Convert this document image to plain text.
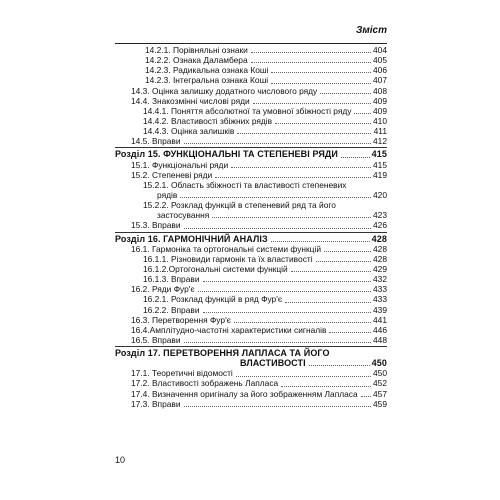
Зміст
14.2.1. Порівняльні ознаки	404
14.2.2. Ознака Даламбера	405
14.2.3. Радикальна ознака Коші	406
14.2.3. Інтегральна ознака Коші	407
14.3. Оцінка залишку додатного числового ряду	408
14.4. Знакозмінні числові ряди	409
14.4.1. Поняття абсолютної та умовної збіжності ряду	409
14.4.2. Властивості збіжних рядів	410
14.4.3. Оцінка залишків	411
14.5. Вправи	412
Розділ 15. ФУНКЦІОНАЛЬНІ ТА СТЕПЕНЕВІ РЯДИ	415
15.1. Функціональні ряди	415
15.2. Степеневі ряди	419
15.2.1. Область збіжності та властивості степеневих
рядів	420
15.2.2. Розклад функцій в степеневий ряд та його
застосування	423
15.3. Вправи	426
Розділ 16. ГАРМОНІЧНИЙ АНАЛІЗ	428
16.1. Гармоніка та ортогональні системи функцій	428
16.1.1. Різновиди гармонік та їх властивості	428
16.1.2.Ортогональні системи функцій	429
16.1.3. Вправи	432
16.2. Ряди Фур'є	433
16.2.1. Розклад функцій в ряд Фур'є	433
16.2.2. Вправи	439
16.3. Перетворення Фур'є	441
16.4.Амплітудно-частотні характеристики сигналів	446
16.5. Вправи	448
Розділ 17. ПЕРЕТВОРЕННЯ ЛАПЛАСА ТА ЙОГО
ВЛАСТИВОСТІ	450
17.1. Теоретичні відомості	450
17.2. Властивості зображень Лапласа	452
17.4. Визначення оригіналу за його зображенням Лапласа 457
17.3. Вправи	459
10
